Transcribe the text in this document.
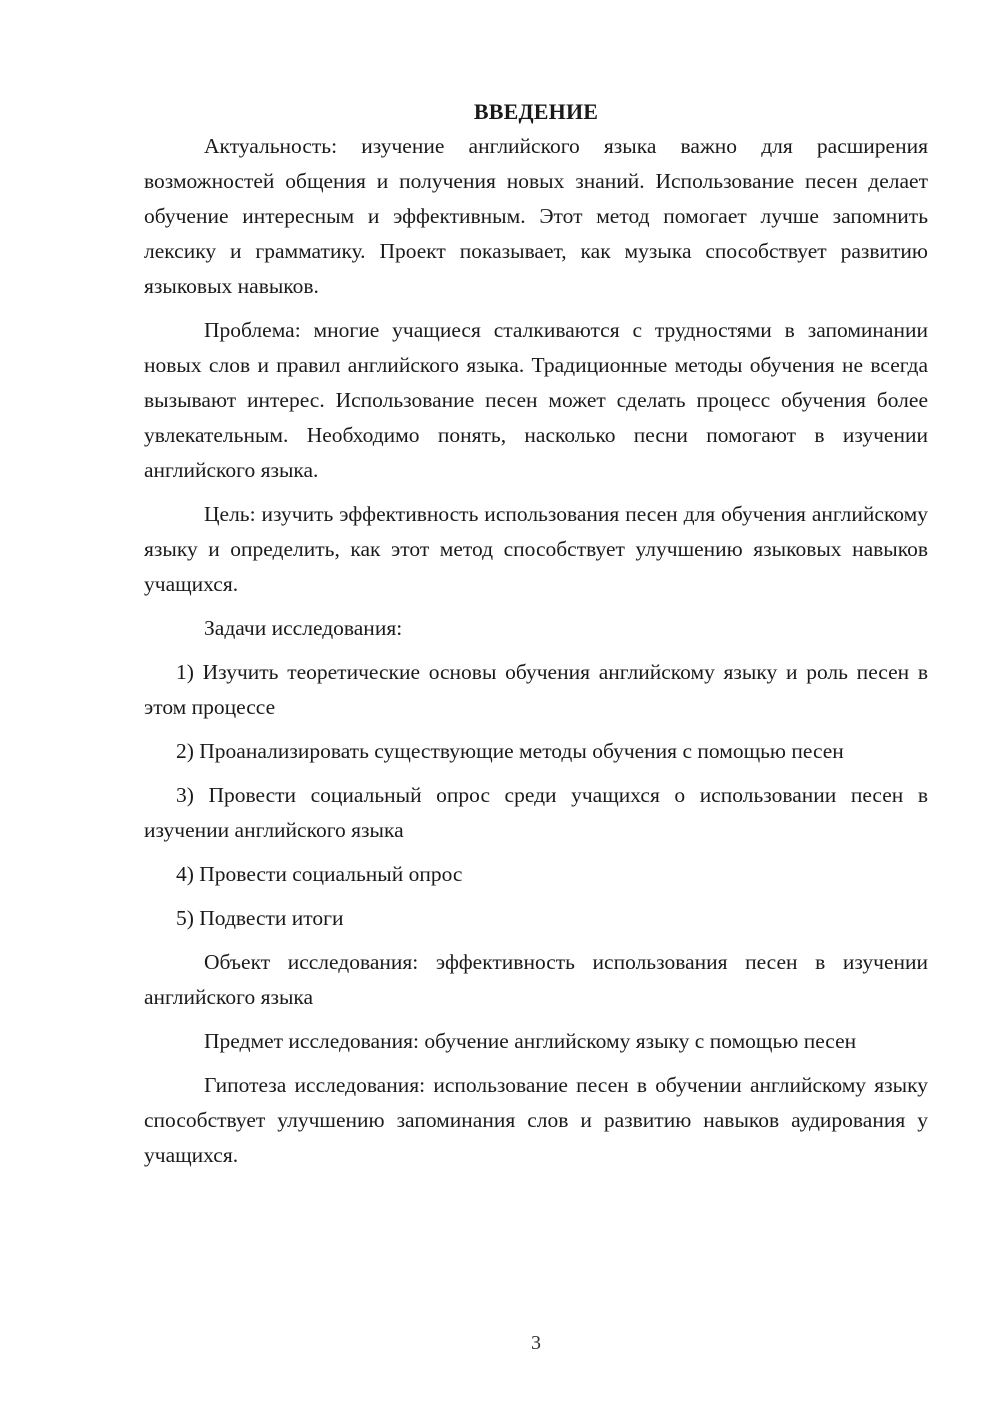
ВВЕДЕНИЕ

Актуальность: изучение английского языка важно для расширения возможностей общения и получения новых знаний. Использование песен делает обучение интересным и эффективным. Этот метод помогает лучше запомнить лексику и грамматику. Проект показывает, как музыка способствует развитию языковых навыков.

Проблема: многие учащиеся сталкиваются с трудностями в запоминании новых слов и правил английского языка. Традиционные методы обучения не всегда вызывают интерес. Использование песен может сделать процесс обучения более увлекательным. Необходимо понять, насколько песни помогают в изучении английского языка.

Цель: изучить эффективность использования песен для обучения английскому языку и определить, как этот метод способствует улучшению языковых навыков учащихся.

Задачи исследования:

1) Изучить теоретические основы обучения английскому языку и роль песен в этом процессе

2) Проанализировать существующие методы обучения с помощью песен

3) Провести социальный опрос среди учащихся о использовании песен в изучении английского языка

4) Провести социальный опрос

5) Подвести итоги

Объект исследования: эффективность использования песен в изучении английского языка

Предмет исследования: обучение английскому языку с помощью песен

Гипотеза исследования: использование песен в обучении английскому языку способствует улучшению запоминания слов и развитию навыков аудирования у учащихся.

3
